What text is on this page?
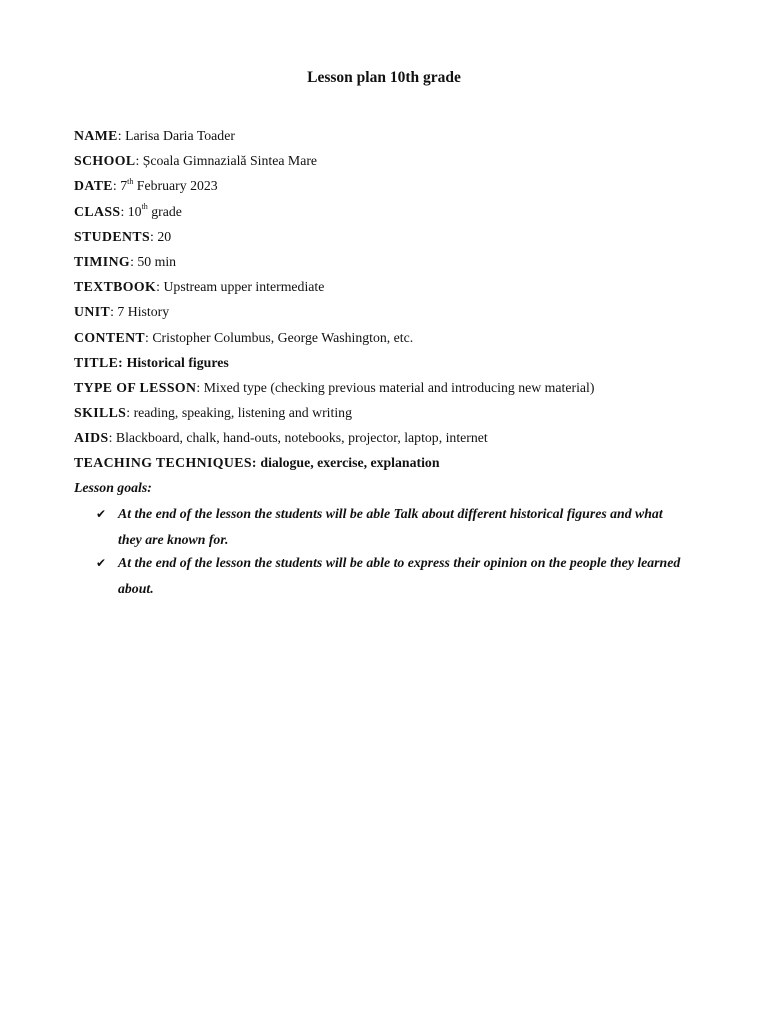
Lesson plan 10th grade
NAME: Larisa Daria Toader
SCHOOL: Școala Gimnazială Sintea Mare
DATE: 7th February 2023
CLASS: 10th grade
STUDENTS: 20
TIMING: 50 min
TEXTBOOK: Upstream upper intermediate
UNIT: 7 History
CONTENT: Cristopher Columbus, George Washington, etc.
TITLE: Historical figures
TYPE OF LESSON: Mixed type (checking previous material and introducing new material)
SKILLS: reading, speaking, listening and writing
AIDS: Blackboard, chalk, hand-outs, notebooks, projector, laptop, internet
TEACHING TECHNIQUES: dialogue, exercise, explanation
Lesson goals:
✔ At the end of the lesson the students will be able Talk about different historical figures and what they are known for.
✔ At the end of the lesson the students will be able to express their opinion on the people they learned about.
